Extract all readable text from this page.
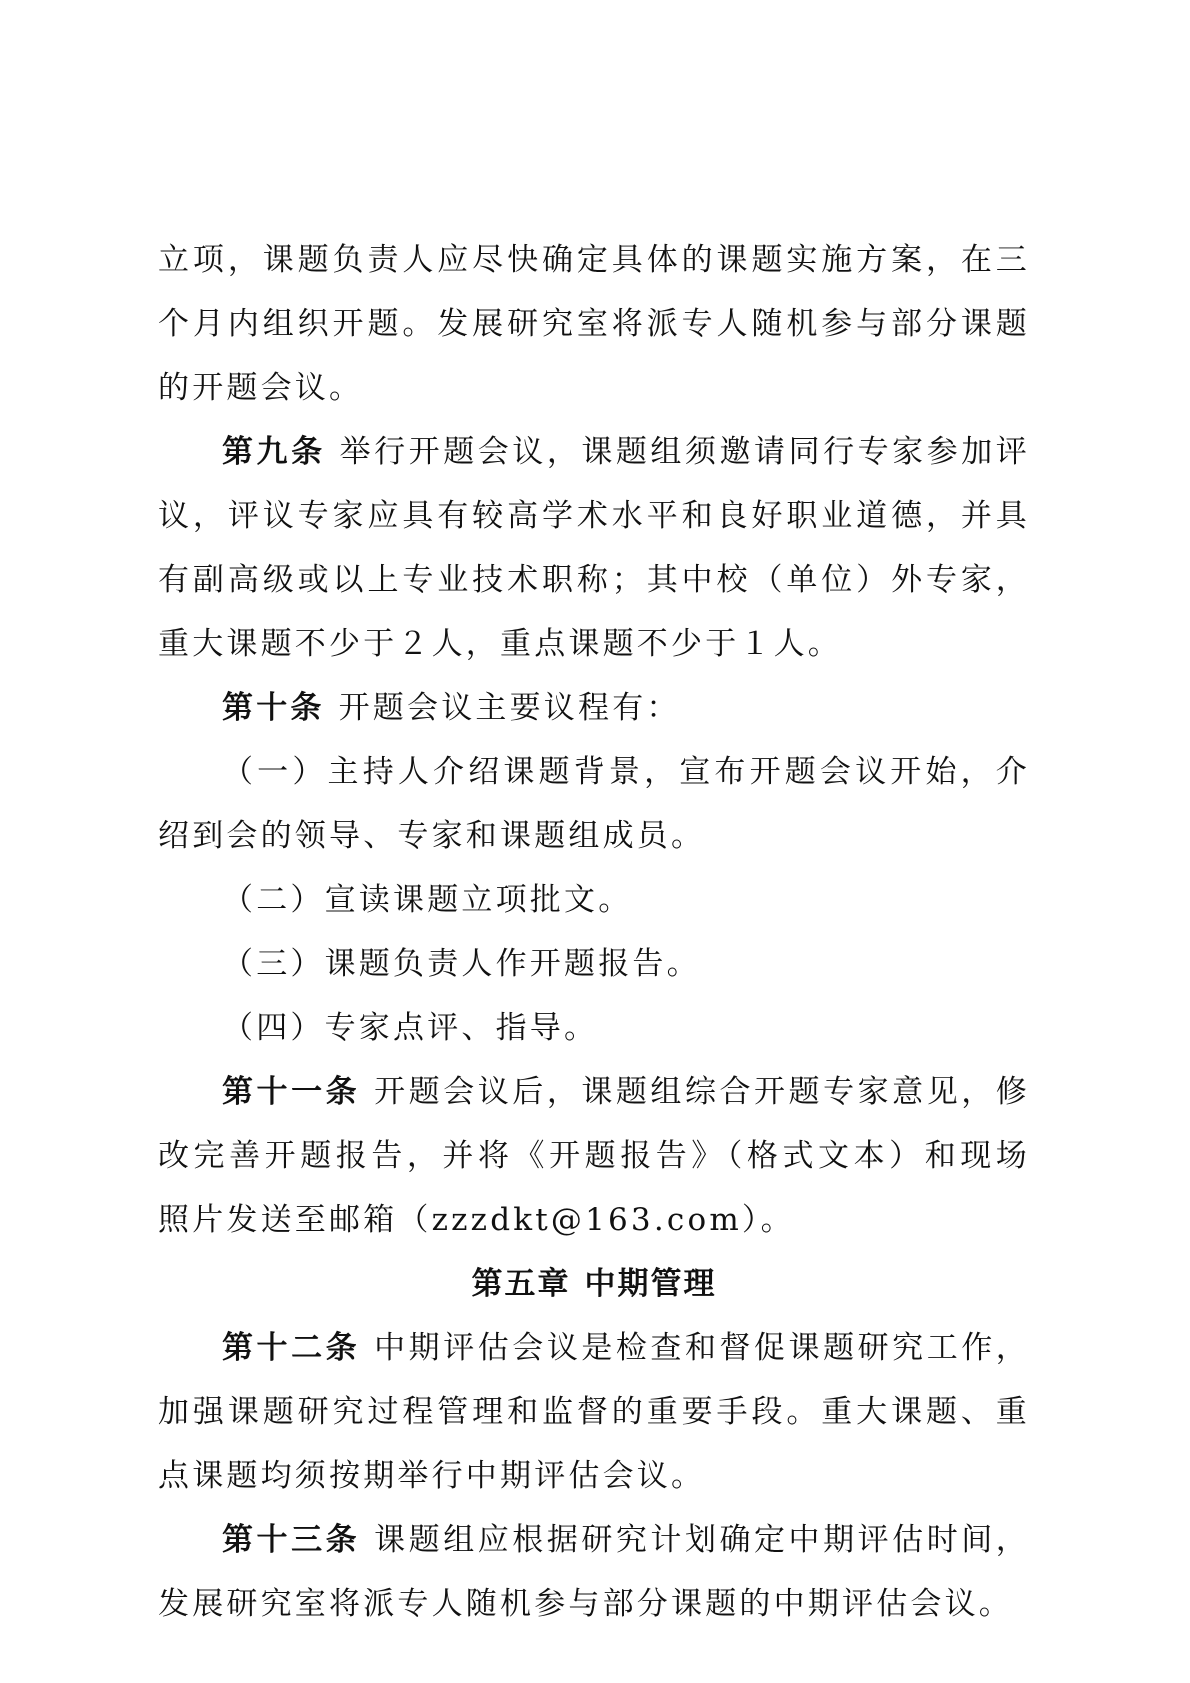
立项，课题负责人应尽快确定具体的课题实施方案，在三个月内组织开题。发展研究室将派专人随机参与部分课题的开题会议。

第九条 举行开题会议，课题组须邀请同行专家参加评议，评议专家应具有较高学术水平和良好职业道德，并具有副高级或以上专业技术职称；其中校（单位）外专家，重大课题不少于２人，重点课题不少于１人。

第十条 开题会议主要议程有：

（一）主持人介绍课题背景，宣布开题会议开始，介绍到会的领导、专家和课题组成员。

（二）宣读课题立项批文。

（三）课题负责人作开题报告。

（四）专家点评、指导。

第十一条 开题会议后，课题组综合开题专家意见，修改完善开题报告，并将《开题报告》（格式文本）和现场照片发送至邮箱（zzzdkt@163.com）。

第五章 中期管理

第十二条 中期评估会议是检查和督促课题研究工作，加强课题研究过程管理和监督的重要手段。重大课题、重点课题均须按期举行中期评估会议。

第十三条 课题组应根据研究计划确定中期评估时间，发展研究室将派专人随机参与部分课题的中期评估会议。
